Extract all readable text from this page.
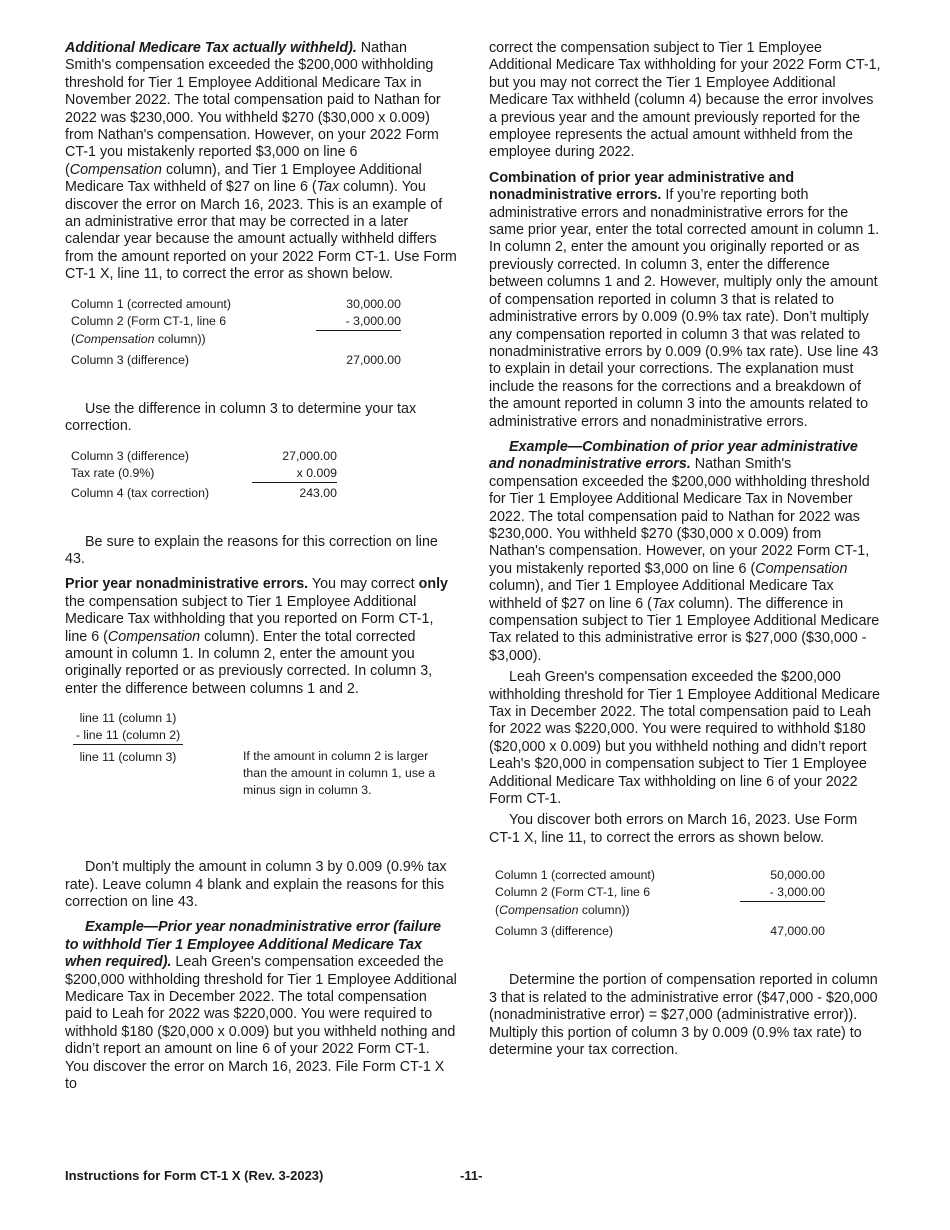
Additional Medicare Tax actually withheld). Nathan Smith's compensation exceeded the $200,000 withholding threshold for Tier 1 Employee Additional Medicare Tax in November 2022. The total compensation paid to Nathan for 2022 was $230,000. You withheld $270 ($30,000 x 0.009) from Nathan's compensation. However, on your 2022 Form CT-1 you mistakenly reported $3,000 on line 6 (Compensation column), and Tier 1 Employee Additional Medicare Tax withheld of $27 on line 6 (Tax column). You discover the error on March 16, 2023. This is an example of an administrative error that may be corrected in a later calendar year because the amount actually withheld differs from the amount reported on your 2022 Form CT-1. Use Form CT-1 X, line 11, to correct the error as shown below.

Column 1 (corrected amount)	30,000.00
Column 2 (Form CT-1, line 6	- 3,000.00
(Compensation column))
Column 3 (difference)	27,000.00

Use the difference in column 3 to determine your tax correction.

Column 3 (difference)	27,000.00
Tax rate (0.9%)	x 0.009
Column 4 (tax correction)	243.00

Be sure to explain the reasons for this correction on line 43.

Prior year nonadministrative errors. You may correct only the compensation subject to Tier 1 Employee Additional Medicare Tax withholding that you reported on Form CT-1, line 6 (Compensation column). Enter the total corrected amount in column 1. In column 2, enter the amount you originally reported or as previously corrected. In column 3, enter the difference between columns 1 and 2.

line 11 (column 1)
- line 11 (column 2)
line 11 (column 3)	If the amount in column 2 is larger than the amount in column 1, use a minus sign in column 3.

Don’t multiply the amount in column 3 by 0.009 (0.9% tax rate). Leave column 4 blank and explain the reasons for this correction on line 43.

Example—Prior year nonadministrative error (failure to withhold Tier 1 Employee Additional Medicare Tax when required). Leah Green's compensation exceeded the $200,000 withholding threshold for Tier 1 Employee Additional Medicare Tax in December 2022. The total compensation paid to Leah for 2022 was $220,000. You were required to withhold $180 ($20,000 x 0.009) but you withheld nothing and didn’t report an amount on line 6 of your 2022 Form CT-1. You discover the error on March 16, 2023. File Form CT-1 X to

correct the compensation subject to Tier 1 Employee Additional Medicare Tax withholding for your 2022 Form CT-1, but you may not correct the Tier 1 Employee Additional Medicare Tax withheld (column 4) because the error involves a previous year and the amount previously reported for the employee represents the actual amount withheld from the employee during 2022.

Combination of prior year administrative and nonadministrative errors. If you’re reporting both administrative errors and nonadministrative errors for the same prior year, enter the total corrected amount in column 1. In column 2, enter the amount you originally reported or as previously corrected. In column 3, enter the difference between columns 1 and 2. However, multiply only the amount of compensation reported in column 3 that is related to administrative errors by 0.009 (0.9% tax rate). Don’t multiply any compensation reported in column 3 that was related to nonadministrative errors by 0.009 (0.9% tax rate). Use line 43 to explain in detail your corrections. The explanation must include the reasons for the corrections and a breakdown of the amount reported in column 3 into the amounts related to administrative errors and nonadministrative errors.

Example—Combination of prior year administrative and nonadministrative errors. Nathan Smith's compensation exceeded the $200,000 withholding threshold for Tier 1 Employee Additional Medicare Tax in November 2022. The total compensation paid to Nathan for 2022 was $230,000. You withheld $270 ($30,000 x 0.009) from Nathan's compensation. However, on your 2022 Form CT-1, you mistakenly reported $3,000 on line 6 (Compensation column), and Tier 1 Employee Additional Medicare Tax withheld of $27 on line 6 (Tax column). The difference in compensation subject to Tier 1 Employee Additional Medicare Tax related to this administrative error is $27,000 ($30,000 - $3,000).

Leah Green's compensation exceeded the $200,000 withholding threshold for Tier 1 Employee Additional Medicare Tax in December 2022. The total compensation paid to Leah for 2022 was $220,000. You were required to withhold $180 ($20,000 x 0.009) but you withheld nothing and didn’t report Leah's $20,000 in compensation subject to Tier 1 Employee Additional Medicare Tax withholding on line 6 of your 2022 Form CT-1.

You discover both errors on March 16, 2023. Use Form CT-1 X, line 11, to correct the errors as shown below.

Column 1 (corrected amount)	50,000.00
Column 2 (Form CT-1, line 6	- 3,000.00
(Compensation column))
Column 3 (difference)	47,000.00

Determine the portion of compensation reported in column 3 that is related to the administrative error ($47,000 - $20,000 (nonadministrative error) = $27,000 (administrative error)). Multiply this portion of column 3 by 0.009 (0.9% tax rate) to determine your tax correction.

Instructions for Form CT-1 X (Rev. 3-2023)	-11-
